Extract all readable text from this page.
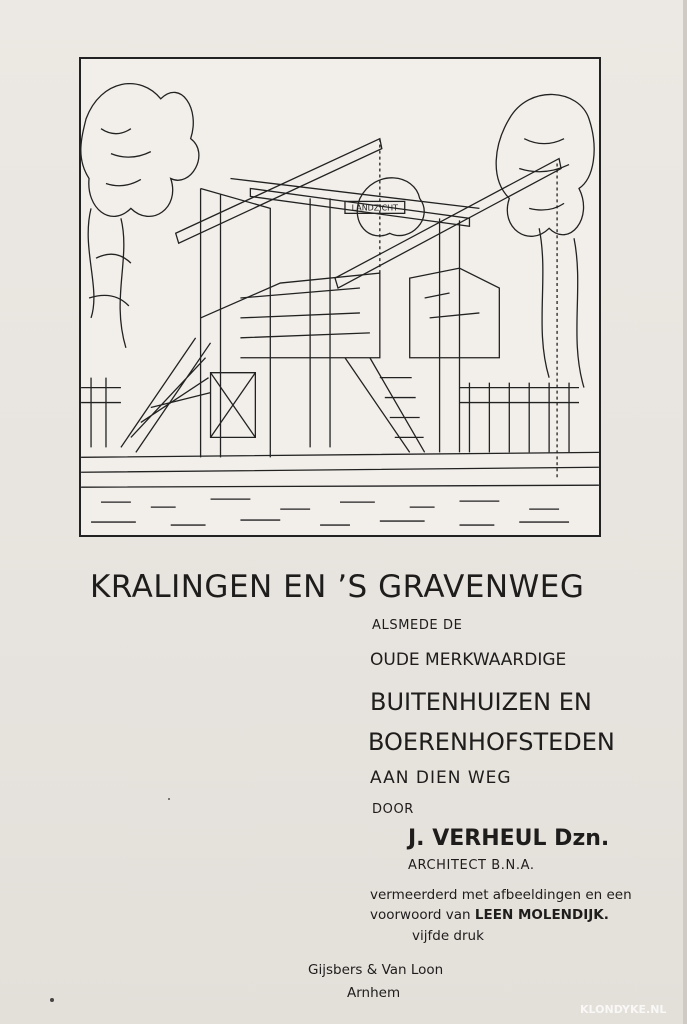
LANDZICHT
KRALINGEN EN ’S GRAVENWEG
ALSMEDE DE
OUDE MERKWAARDIGE
BUITENHUIZEN EN
BOERENHOFSTEDEN
AAN DIEN WEG
DOOR
J. VERHEUL Dzn.
ARCHITECT B.N.A.
vermeerderd met afbeeldingen en een
voorwoord van LEEN MOLENDIJK.
vijfde druk
Gijsbers & Van Loon
Arnhem
KLONDYKE.NL
